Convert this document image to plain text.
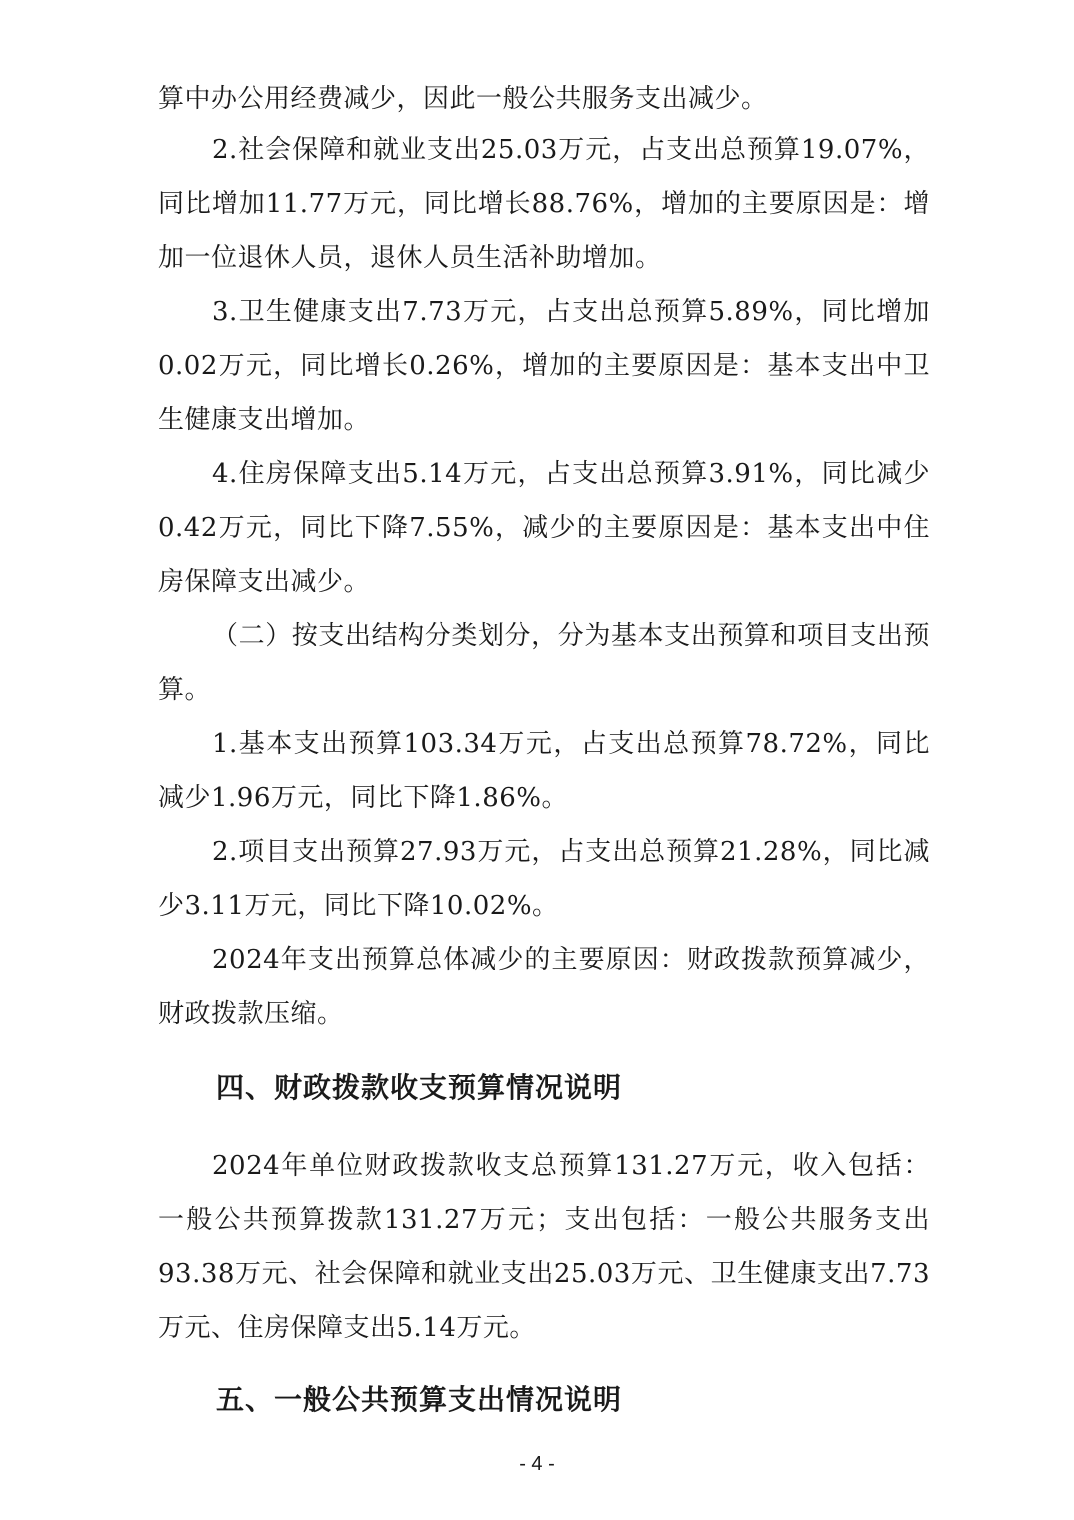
算中办公用经费减少，因此一般公共服务支出减少。

2.社会保障和就业支出25.03万元，占支出总预算19.07%，同比增加11.77万元，同比增长88.76%，增加的主要原因是：增加一位退休人员，退休人员生活补助增加。

3.卫生健康支出7.73万元，占支出总预算5.89%，同比增加0.02万元，同比增长0.26%，增加的主要原因是：基本支出中卫生健康支出增加。

4.住房保障支出5.14万元，占支出总预算3.91%，同比减少0.42万元，同比下降7.55%，减少的主要原因是：基本支出中住房保障支出减少。

（二）按支出结构分类划分，分为基本支出预算和项目支出预算。

1.基本支出预算103.34万元，占支出总预算78.72%，同比减少1.96万元，同比下降1.86%。

2.项目支出预算27.93万元，占支出总预算21.28%，同比减少3.11万元，同比下降10.02%。

2024年支出预算总体减少的主要原因：财政拨款预算减少，财政拨款压缩。

四、财政拨款收支预算情况说明

2024年单位财政拨款收支总预算131.27万元，收入包括：一般公共预算拨款131.27万元；支出包括：一般公共服务支出93.38万元、社会保障和就业支出25.03万元、卫生健康支出7.73万元、住房保障支出5.14万元。

五、一般公共预算支出情况说明
- 4 -
